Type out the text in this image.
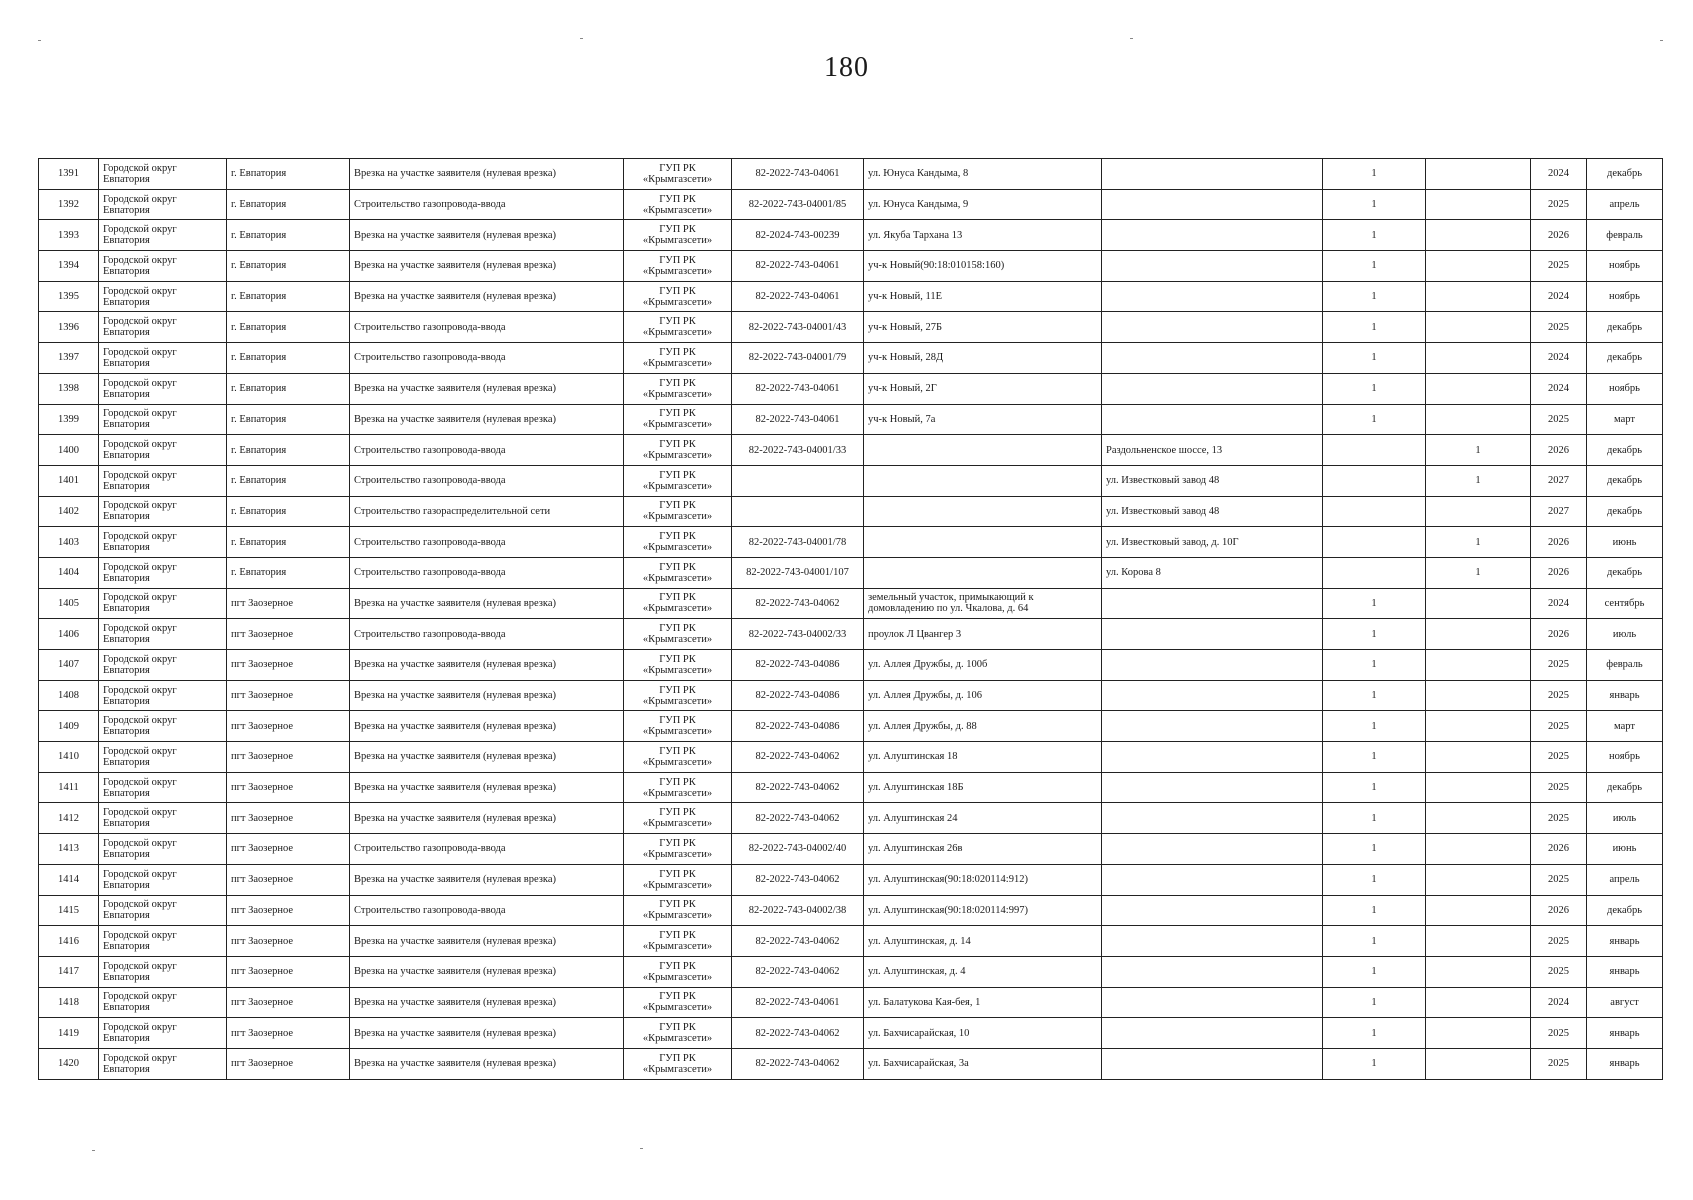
180
1391	Городской округ Евпатория	г. Евпатория	Врезка на участке заявителя (нулевая врезка)	ГУП РК «Крымгазсети»	82-2022-743-04061	ул. Юнуса Кандыма, 8		1		2024	декабрь
1392	Городской округ Евпатория	г. Евпатория	Строительство газопровода-ввода	ГУП РК «Крымгазсети»	82-2022-743-04001/85	ул. Юнуса Кандыма, 9		1		2025	апрель
1393	Городской округ Евпатория	г. Евпатория	Врезка на участке заявителя (нулевая врезка)	ГУП РК «Крымгазсети»	82-2024-743-00239	ул. Якуба Тархана 13		1		2026	февраль
1394	Городской округ Евпатория	г. Евпатория	Врезка на участке заявителя (нулевая врезка)	ГУП РК «Крымгазсети»	82-2022-743-04061	уч-к Новый(90:18:010158:160)		1		2025	ноябрь
1395	Городской округ Евпатория	г. Евпатория	Врезка на участке заявителя (нулевая врезка)	ГУП РК «Крымгазсети»	82-2022-743-04061	уч-к Новый, 11Е		1		2024	ноябрь
1396	Городской округ Евпатория	г. Евпатория	Строительство газопровода-ввода	ГУП РК «Крымгазсети»	82-2022-743-04001/43	уч-к Новый, 27Б		1		2025	декабрь
1397	Городской округ Евпатория	г. Евпатория	Строительство газопровода-ввода	ГУП РК «Крымгазсети»	82-2022-743-04001/79	уч-к Новый, 28Д		1		2024	декабрь
1398	Городской округ Евпатория	г. Евпатория	Врезка на участке заявителя (нулевая врезка)	ГУП РК «Крымгазсети»	82-2022-743-04061	уч-к Новый, 2Г		1		2024	ноябрь
1399	Городской округ Евпатория	г. Евпатория	Врезка на участке заявителя (нулевая врезка)	ГУП РК «Крымгазсети»	82-2022-743-04061	уч-к Новый, 7а		1		2025	март
1400	Городской округ Евпатория	г. Евпатория	Строительство газопровода-ввода	ГУП РК «Крымгазсети»	82-2022-743-04001/33		Раздольненское шоссе, 13		1	2026	декабрь
1401	Городской округ Евпатория	г. Евпатория	Строительство газопровода-ввода	ГУП РК «Крымгазсети»			ул. Известковый завод 48		1	2027	декабрь
1402	Городской округ Евпатория	г. Евпатория	Строительство газораспределительной сети	ГУП РК «Крымгазсети»			ул. Известковый завод 48			2027	декабрь
1403	Городской округ Евпатория	г. Евпатория	Строительство газопровода-ввода	ГУП РК «Крымгазсети»	82-2022-743-04001/78		ул. Известковый завод, д. 10Г		1	2026	июнь
1404	Городской округ Евпатория	г. Евпатория	Строительство газопровода-ввода	ГУП РК «Крымгазсети»	82-2022-743-04001/107		ул. Корова 8		1	2026	декабрь
1405	Городской округ Евпатория	пгт Заозерное	Врезка на участке заявителя (нулевая врезка)	ГУП РК «Крымгазсети»	82-2022-743-04062	земельный участок, примыкающий к домовладению по ул. Чкалова, д. 64		1		2024	сентябрь
1406	Городской округ Евпатория	пгт Заозерное	Строительство газопровода-ввода	ГУП РК «Крымгазсети»	82-2022-743-04002/33	проулок Л Цвангер 3		1		2026	июль
1407	Городской округ Евпатория	пгт Заозерное	Врезка на участке заявителя (нулевая врезка)	ГУП РК «Крымгазсети»	82-2022-743-04086	ул. Аллея Дружбы, д. 100б		1		2025	февраль
1408	Городской округ Евпатория	пгт Заозерное	Врезка на участке заявителя (нулевая врезка)	ГУП РК «Крымгазсети»	82-2022-743-04086	ул. Аллея Дружбы, д. 106		1		2025	январь
1409	Городской округ Евпатория	пгт Заозерное	Врезка на участке заявителя (нулевая врезка)	ГУП РК «Крымгазсети»	82-2022-743-04086	ул. Аллея Дружбы, д. 88		1		2025	март
1410	Городской округ Евпатория	пгт Заозерное	Врезка на участке заявителя (нулевая врезка)	ГУП РК «Крымгазсети»	82-2022-743-04062	ул. Алуштинская 18		1		2025	ноябрь
1411	Городской округ Евпатория	пгт Заозерное	Врезка на участке заявителя (нулевая врезка)	ГУП РК «Крымгазсети»	82-2022-743-04062	ул. Алуштинская 18Б		1		2025	декабрь
1412	Городской округ Евпатория	пгт Заозерное	Врезка на участке заявителя (нулевая врезка)	ГУП РК «Крымгазсети»	82-2022-743-04062	ул. Алуштинская 24		1		2025	июль
1413	Городской округ Евпатория	пгт Заозерное	Строительство газопровода-ввода	ГУП РК «Крымгазсети»	82-2022-743-04002/40	ул. Алуштинская 26в		1		2026	июнь
1414	Городской округ Евпатория	пгт Заозерное	Врезка на участке заявителя (нулевая врезка)	ГУП РК «Крымгазсети»	82-2022-743-04062	ул. Алуштинская(90:18:020114:912)		1		2025	апрель
1415	Городской округ Евпатория	пгт Заозерное	Строительство газопровода-ввода	ГУП РК «Крымгазсети»	82-2022-743-04002/38	ул. Алуштинская(90:18:020114:997)		1		2026	декабрь
1416	Городской округ Евпатория	пгт Заозерное	Врезка на участке заявителя (нулевая врезка)	ГУП РК «Крымгазсети»	82-2022-743-04062	ул. Алуштинская, д. 14		1		2025	январь
1417	Городской округ Евпатория	пгт Заозерное	Врезка на участке заявителя (нулевая врезка)	ГУП РК «Крымгазсети»	82-2022-743-04062	ул. Алуштинская, д. 4		1		2025	январь
1418	Городской округ Евпатория	пгт Заозерное	Врезка на участке заявителя (нулевая врезка)	ГУП РК «Крымгазсети»	82-2022-743-04061	ул. Балатукова Кая-бея, 1		1		2024	август
1419	Городской округ Евпатория	пгт Заозерное	Врезка на участке заявителя (нулевая врезка)	ГУП РК «Крымгазсети»	82-2022-743-04062	ул. Бахчисарайская, 10		1		2025	январь
1420	Городской округ Евпатория	пгт Заозерное	Врезка на участке заявителя (нулевая врезка)	ГУП РК «Крымгазсети»	82-2022-743-04062	ул. Бахчисарайская, 3а		1		2025	январь
